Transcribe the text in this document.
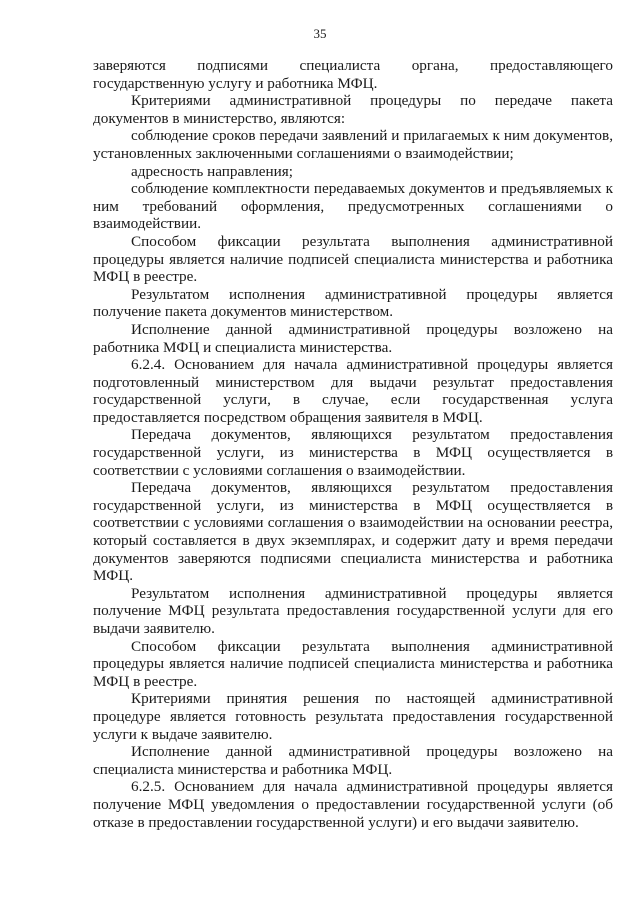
35

заверяются подписями специалиста органа, предоставляющего государственную услугу и работника МФЦ.

Критериями административной процедуры по передаче пакета документов в министерство, являются:

соблюдение сроков передачи заявлений и прилагаемых к ним документов, установленных заключенными соглашениями о взаимодействии;

адресность направления;

соблюдение комплектности передаваемых документов и предъявляемых к ним требований оформления, предусмотренных соглашениями о взаимодействии.

Способом фиксации результата выполнения административной процедуры является наличие подписей специалиста министерства и работника МФЦ в реестре.

Результатом исполнения административной процедуры является получение пакета документов министерством.

Исполнение данной административной процедуры возложено на работника МФЦ и специалиста министерства.

6.2.4. Основанием для начала административной процедуры является подготовленный министерством для выдачи результат предоставления государственной услуги, в случае, если государственная услуга предоставляется посредством обращения заявителя в МФЦ.

Передача документов, являющихся результатом предоставления государственной услуги, из министерства в МФЦ осуществляется в соответствии с условиями соглашения о взаимодействии.

Передача документов, являющихся результатом предоставления государственной услуги, из министерства в МФЦ осуществляется в соответствии с условиями соглашения о взаимодействии на основании реестра, который составляется в двух экземплярах, и содержит дату и время передачи документов заверяются подписями специалиста министерства и работника МФЦ.

Результатом исполнения административной процедуры является получение МФЦ результата предоставления государственной услуги для его выдачи заявителю.

Способом фиксации результата выполнения административной процедуры является наличие подписей специалиста министерства и работника МФЦ в реестре.

Критериями принятия решения по настоящей административной процедуре является готовность результата предоставления государственной услуги к выдаче заявителю.

Исполнение данной административной процедуры возложено на специалиста министерства и работника МФЦ.

6.2.5. Основанием для начала административной процедуры является получение МФЦ уведомления о предоставлении государственной услуги (об отказе в предоставлении государственной услуги) и его выдачи заявителю.
